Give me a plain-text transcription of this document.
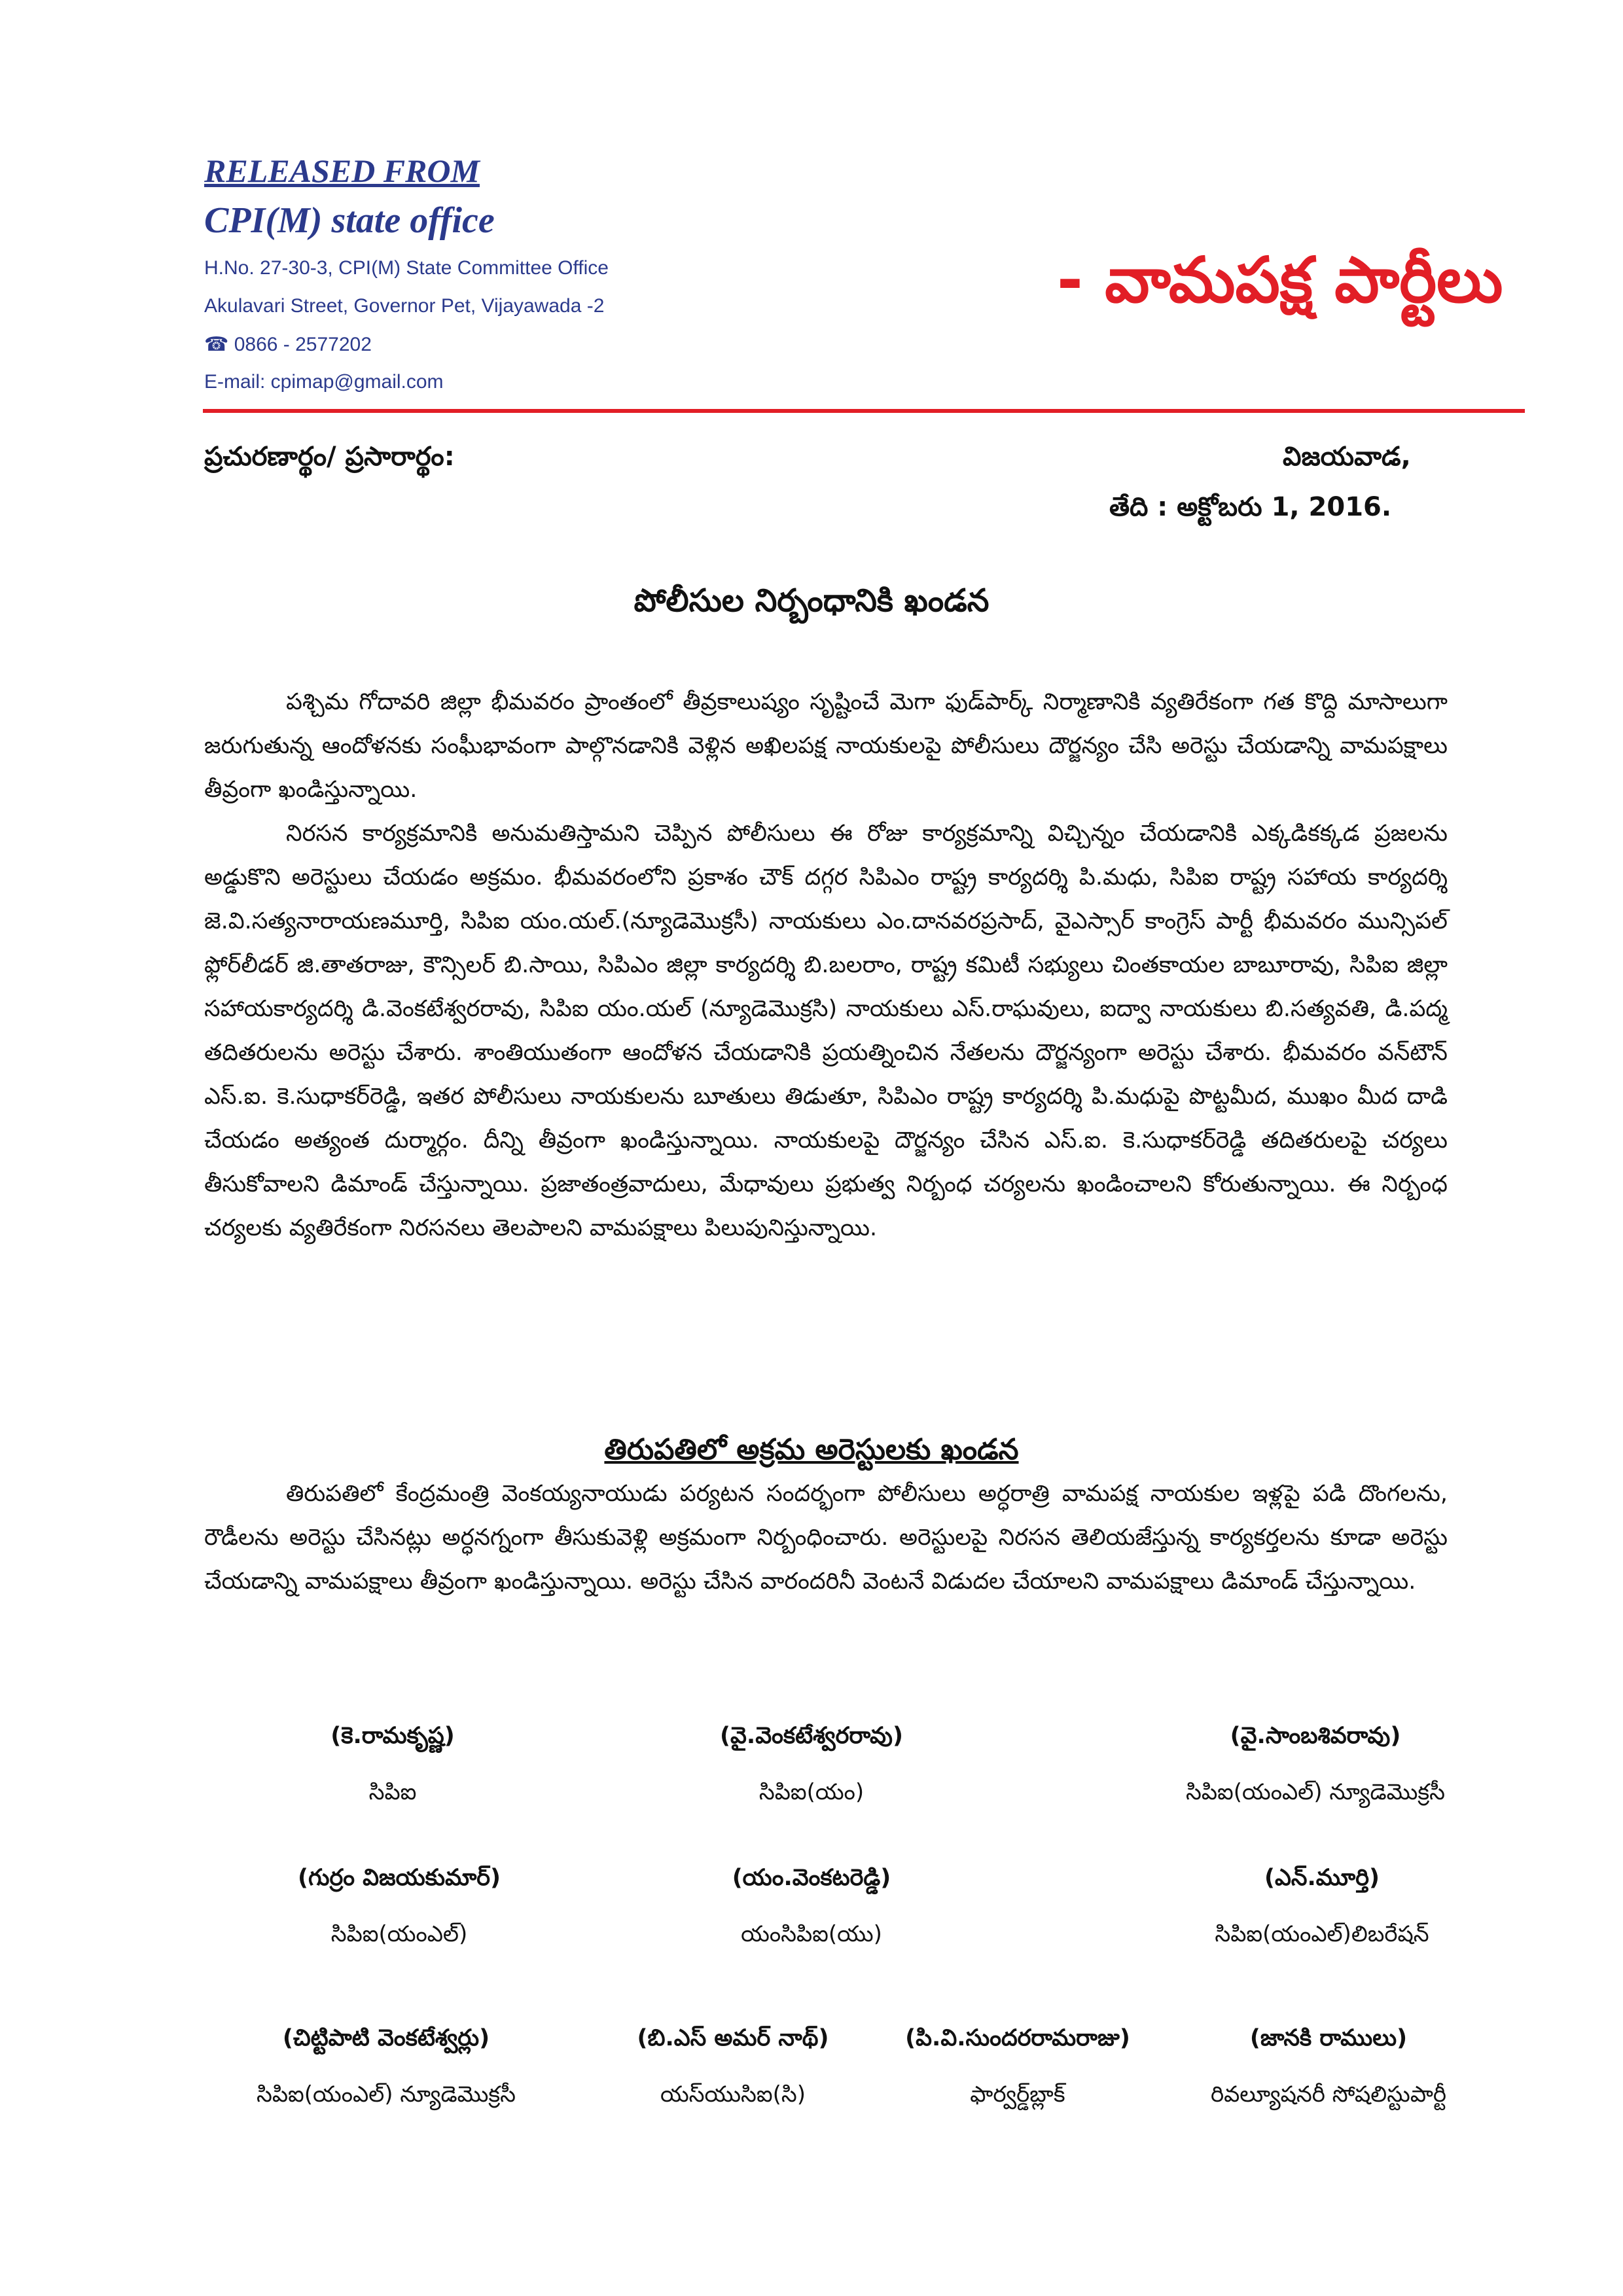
RELEASED FROM
CPI(M) state office
H.No. 27-30-3, CPI(M) State Committee Office
Akulavari Street, Governor Pet, Vijayawada -2
☎ 0866 - 2577202
E-mail: cpimap@gmail.com
- వామపక్ష పార్టీలు
ప్రచురణార్థం/ ప్రసారార్థం:	విజయవాడ,
తేది : అక్టోబరు 1, 2016.
పోలీసుల నిర్బంధానికి ఖండన

పశ్చిమ గోదావరి జిల్లా భీమవరం ప్రాంతంలో తీవ్రకాలుష్యం సృష్టించే మెగా ఫుడ్‌పార్క్‌ నిర్మాణానికి వ్యతిరేకంగా గత కొద్ది మాసాలుగా జరుగుతున్న ఆందోళనకు సంఘీభావంగా పాల్గొనడానికి వెళ్లిన అఖిలపక్ష నాయకులపై పోలీసులు దౌర్జన్యం చేసి అరెస్టు చేయడాన్ని వామపక్షాలు తీవ్రంగా ఖండిస్తున్నాయి.

నిరసన కార్యక్రమానికి అనుమతిస్తామని చెప్పిన పోలీసులు ఈ రోజు కార్యక్రమాన్ని విచ్చిన్నం చేయడానికి ఎక్కడికక్కడ ప్రజలను అడ్డుకొని అరెస్టులు చేయడం అక్రమం. భీమవరంలోని ప్రకాశం చౌక్‌ దగ్గర సిపిఎం రాష్ట్ర కార్యదర్శి పి.మధు, సిపిఐ రాష్ట్ర సహాయ కార్యదర్శి జె.వి.సత్యనారాయణమూర్తి, సిపిఐ యం.యల్‌.(న్యూడెమొక్రసీ) నాయకులు ఎం.దానవరప్రసాద్‌, వైఎస్సార్‌ కాంగ్రెస్‌ పార్టీ భీమవరం మున్సిపల్‌ ఫ్లోర్‌లీడర్‌ జి.తాతరాజు, కౌన్సిలర్‌ బి.సాయి, సిపిఎం జిల్లా కార్యదర్శి బి.బలరాం, రాష్ట్ర కమిటీ సభ్యులు చింతకాయల బాబూరావు, సిపిఐ జిల్లా సహాయకార్యదర్శి డి.వెంకటేశ్వరరావు, సిపిఐ యం.యల్‌ (న్యూడెమొక్రసి) నాయకులు ఎస్‌.రాఘవులు, ఐద్వా నాయకులు బి.సత్యవతి, డి.పద్మ తదితరులను అరెస్టు చేశారు. శాంతియుతంగా ఆందోళన చేయడానికి ప్రయత్నించిన నేతలను దౌర్జన్యంగా అరెస్టు చేశారు. భీమవరం వన్‌టౌన్‌ ఎస్‌.ఐ. కె.సుధాకర్‌రెడ్డి, ఇతర పోలీసులు నాయకులను బూతులు తిడుతూ, సిపిఎం రాష్ట్ర కార్యదర్శి పి.మధుపై పొట్టమీద, ముఖం మీద దాడి చేయడం అత్యంత దుర్మార్గం. దీన్ని తీవ్రంగా ఖండిస్తున్నాయి. నాయకులపై దౌర్జన్యం చేసిన ఎస్‌.ఐ. కె.సుధాకర్‌రెడ్డి తదితరులపై చర్యలు తీసుకోవాలని డిమాండ్‌ చేస్తున్నాయి. ప్రజాతంత్రవాదులు, మేధావులు ప్రభుత్వ నిర్బంధ చర్యలను ఖండించాలని కోరుతున్నాయి. ఈ నిర్బంధ చర్యలకు వ్యతిరేకంగా నిరసనలు తెలపాలని వామపక్షాలు పిలుపునిస్తున్నాయి.

తిరుపతిలో అక్రమ అరెస్టులకు ఖండన

తిరుపతిలో కేంద్రమంత్రి వెంకయ్యనాయుడు పర్యటన సందర్భంగా పోలీసులు అర్ధరాత్రి వామపక్ష నాయకుల ఇళ్లపై పడి దొంగలను, రౌడీలను అరెస్టు చేసినట్లు అర్ధనగ్నంగా తీసుకువెళ్లి అక్రమంగా నిర్బంధించారు. అరెస్టులపై నిరసన తెలియజేస్తున్న కార్యకర్తలను కూడా అరెస్టు చేయడాన్ని వామపక్షాలు తీవ్రంగా ఖండిస్తున్నాయి. అరెస్టు చేసిన వారందరినీ వెంటనే విడుదల చేయాలని వామపక్షాలు డిమాండ్‌ చేస్తున్నాయి.

(కె.రామకృష్ణ)
సిపిఐ
(వై.వెంకటేశ్వరరావు)
సిపిఐ(యం)
(వై.సాంబశివరావు)
సిపిఐ(యంఎల్‌) న్యూడెమొక్రసీ
(గుర్రం విజయకుమార్‌)
సిపిఐ(యంఎల్‌)
(యం.వెంకటరెడ్డి)
యంసిపిఐ(యు)
(ఎన్‌.మూర్తి)
సిపిఐ(యంఎల్‌)లిబరేషన్‌
(చిట్టిపాటి వెంకటేశ్వర్లు)
సిపిఐ(యంఎల్‌) న్యూడెమొక్రసీ
(బి.ఎస్‌ అమర్‌ నాథ్‌)
యస్‌యుసిఐ(సి)
(పి.వి.సుందరరామరాజు)
ఫార్వర్డ్‌బ్లాక్‌
(జానకి రాములు)
రివల్యూషనరీ సోషలిస్టుపార్టీ
